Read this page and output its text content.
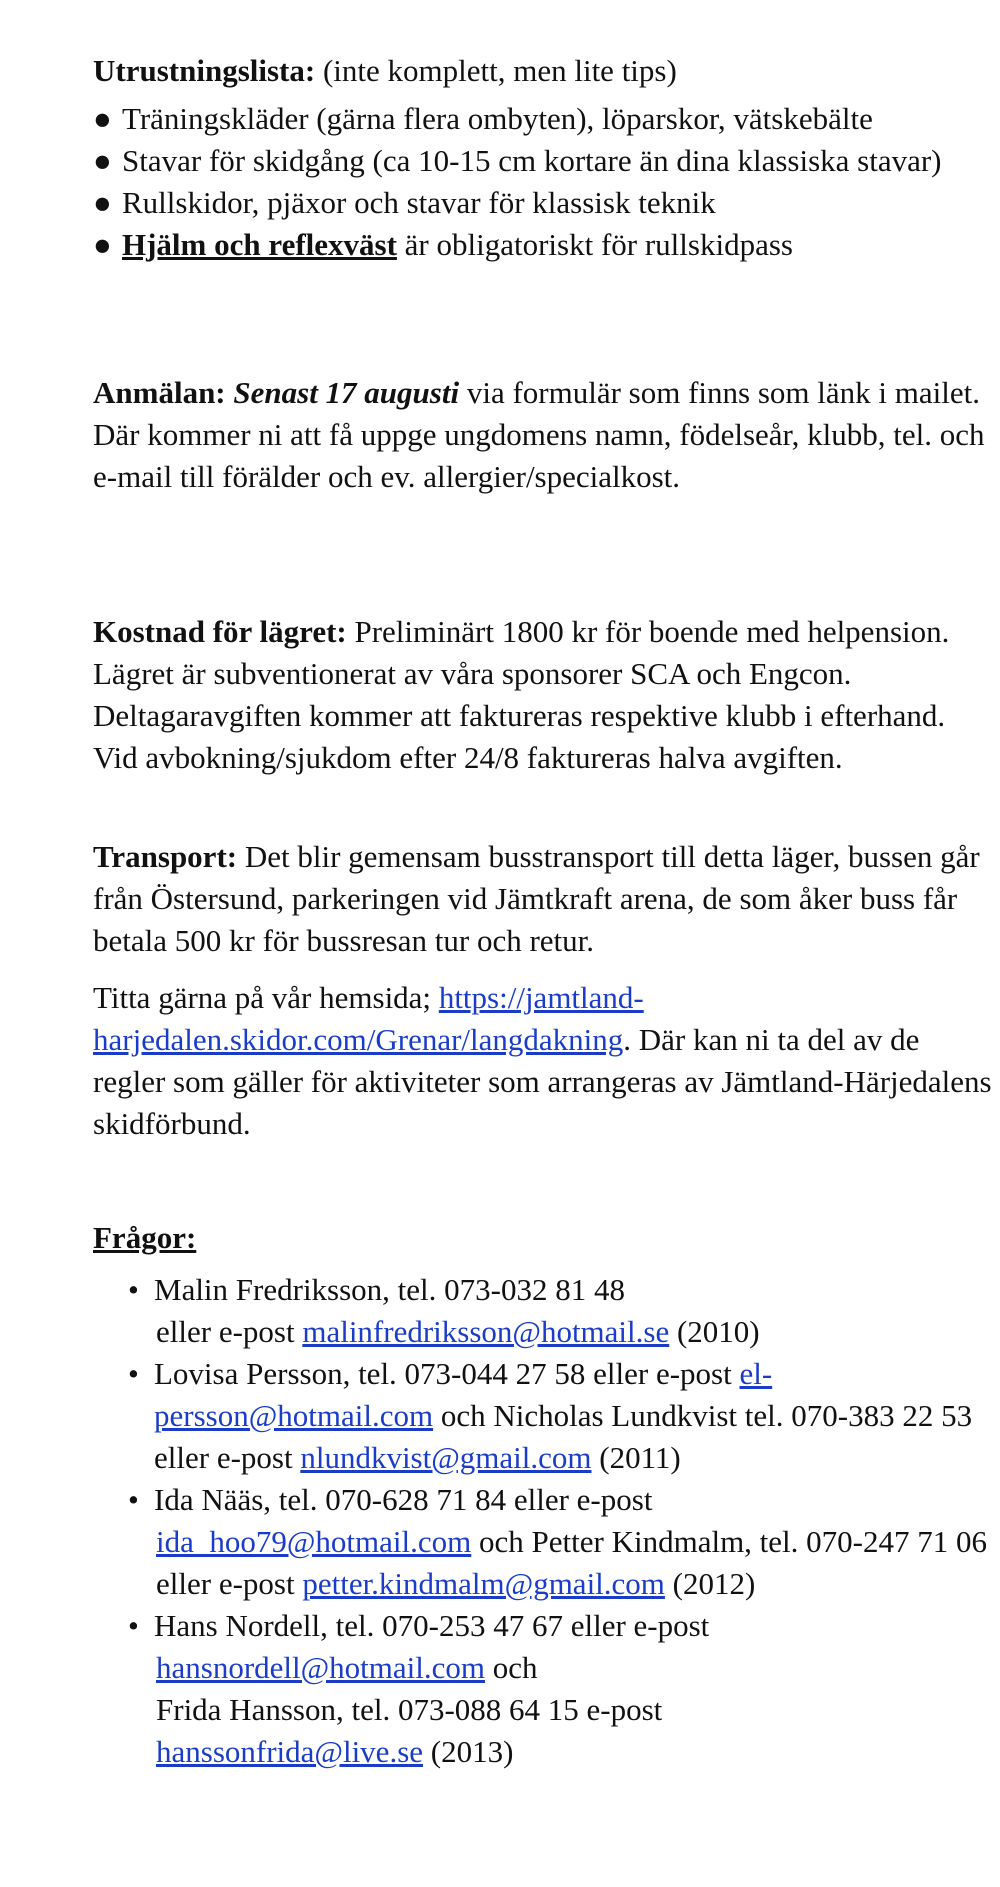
Utrustningslista: (inte komplett, men lite tips)

● Träningskläder (gärna flera ombyten), löparskor, vätskebälte
● Stavar för skidgång (ca 10-15 cm kortare än dina klassiska stavar)
● Rullskidor, pjäxor och stavar för klassisk teknik
● Hjälm och reflexväst är obligatoriskt för rullskidpass

Anmälan: Senast 17 augusti via formulär som finns som länk i mailet. Där kommer ni att få uppge ungdomens namn, födelseår, klubb, tel. och e-mail till förälder och ev. allergier/specialkost.

Kostnad för lägret: Preliminärt 1800 kr för boende med helpension. Lägret är subventionerat av våra sponsorer SCA och Engcon. Deltagaravgiften kommer att faktureras respektive klubb i efterhand. Vid avbokning/sjukdom efter 24/8 faktureras halva avgiften.

Transport: Det blir gemensam busstransport till detta läger, bussen går från Östersund, parkeringen vid Jämtkraft arena, de som åker buss får betala 500 kr för bussresan tur och retur.

Titta gärna på vår hemsida; https://jamtland-harjedalen.skidor.com/Grenar/langdakning. Där kan ni ta del av de regler som gäller för aktiviteter som arrangeras av Jämtland-Härjedalens skidförbund.

Frågor:

• Malin Fredriksson, tel. 073-032 81 48
eller e-post malinfredriksson@hotmail.se (2010)
• Lovisa Persson, tel. 073-044 27 58 eller e-post el-persson@hotmail.com och Nicholas Lundkvist tel. 070-383 22 53 eller e-post nlundkvist@gmail.com (2011)
• Ida Nääs, tel. 070-628 71 84 eller e-post
ida_hoo79@hotmail.com och Petter Kindmalm, tel. 070-247 71 06 eller e-post petter.kindmalm@gmail.com (2012)
• Hans Nordell, tel. 070-253 47 67 eller e-post
hansnordell@hotmail.com och
Frida Hansson, tel. 073-088 64 15 e-post
hanssonfrida@live.se (2013)
